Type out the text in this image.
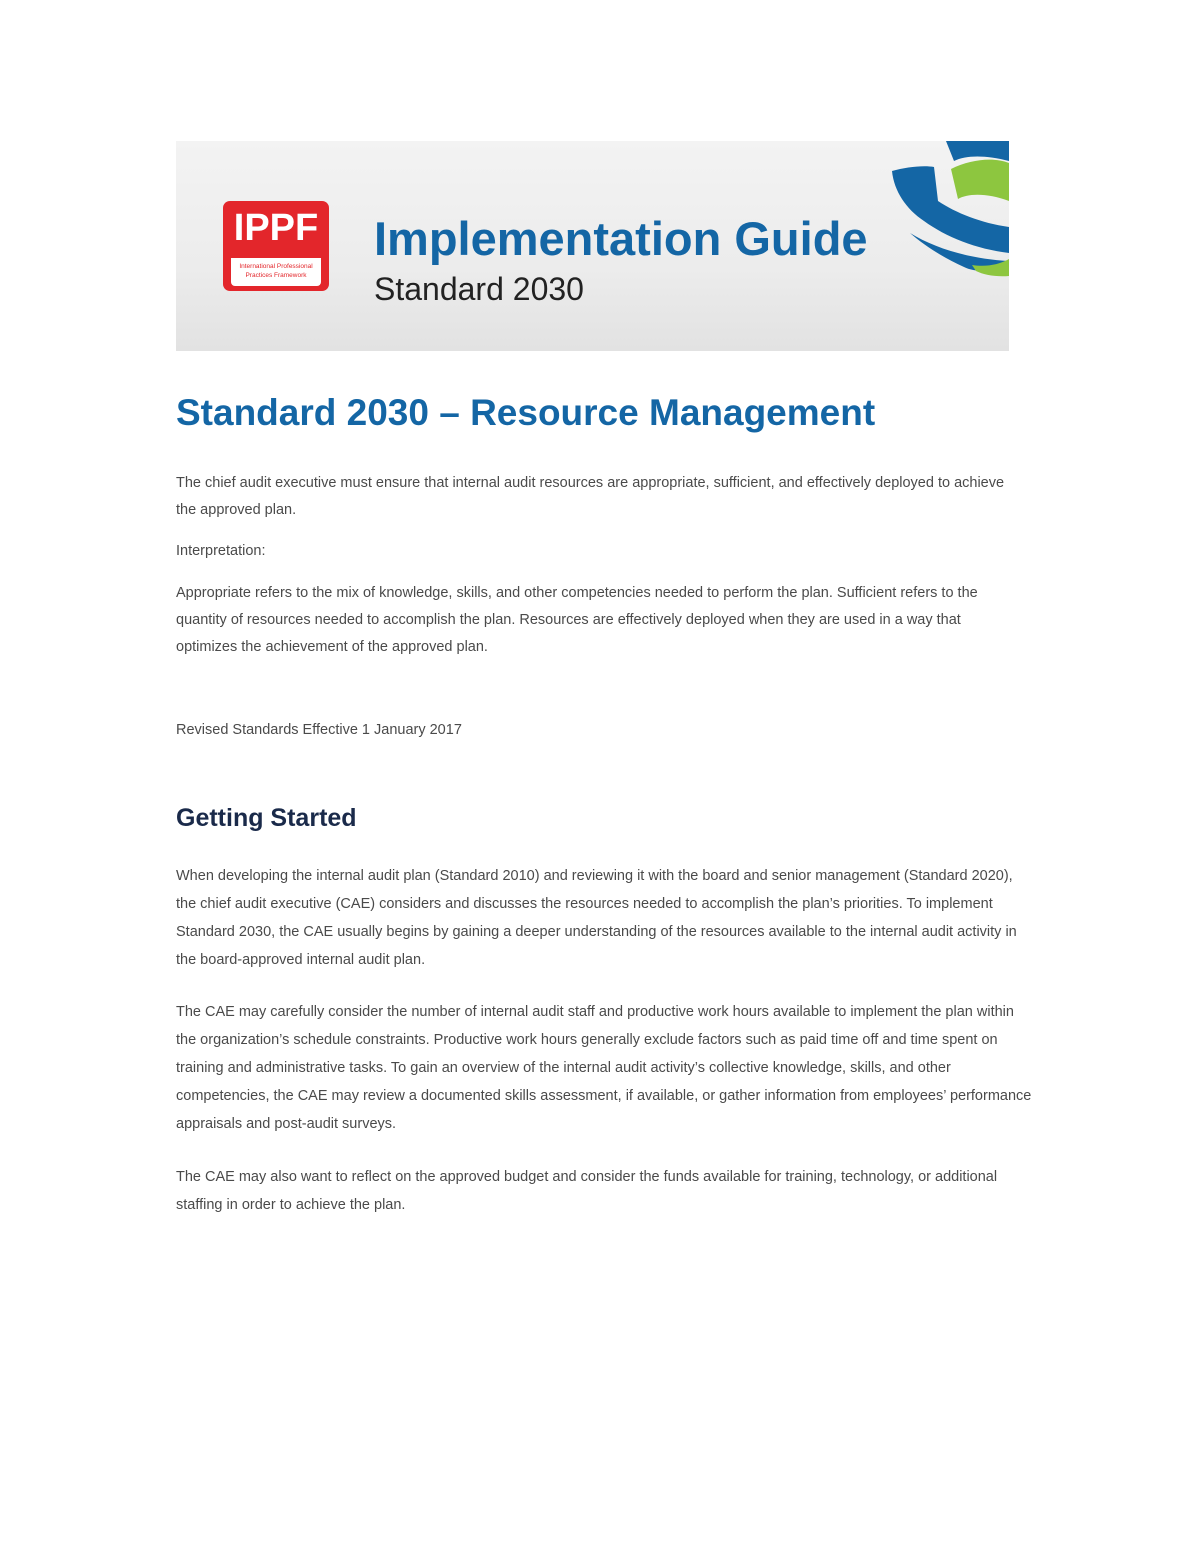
IPPF
International Professional Practices Framework
Implementation Guide
Standard 2030
Standard 2030 – Resource Management
The chief audit executive must ensure that internal audit resources are appropriate, sufficient, and effectively deployed to achieve the approved plan.
Interpretation:
Appropriate refers to the mix of knowledge, skills, and other competencies needed to perform the plan. Sufficient refers to the quantity of resources needed to accomplish the plan. Resources are effectively deployed when they are used in a way that optimizes the achievement of the approved plan.
Revised Standards Effective 1 January 2017
Getting Started
When developing the internal audit plan (Standard 2010) and reviewing it with the board and senior management (Standard 2020), the chief audit executive (CAE) considers and discusses the resources needed to accomplish the plan’s priorities. To implement Standard 2030, the CAE usually begins by gaining a deeper understanding of the resources available to the internal audit activity in the board-approved internal audit plan.
The CAE may carefully consider the number of internal audit staff and productive work hours available to implement the plan within the organization’s schedule constraints. Productive work hours generally exclude factors such as paid time off and time spent on training and administrative tasks. To gain an overview of the internal audit activity’s collective knowledge, skills, and other competencies, the CAE may review a documented skills assessment, if available, or gather information from employees’ performance appraisals and post-audit surveys.
The CAE may also want to reflect on the approved budget and consider the funds available for training, technology, or additional staffing in order to achieve the plan.
